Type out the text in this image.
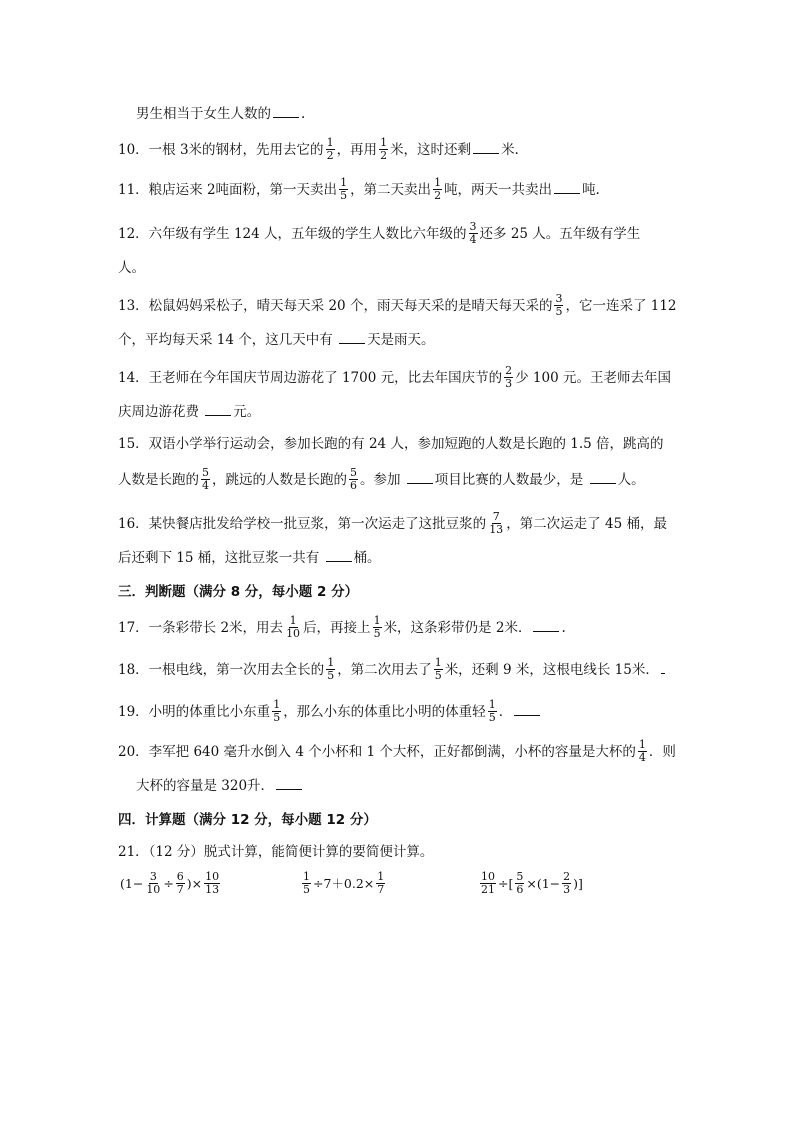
男生相当于女生人数的 .
10．一根 3米的钢材，先用去它的 $\frac{1}{2}$ ，再用 $\frac{1}{2}$ 米，这时还剩 米.
11．粮店运来 2吨面粉，第一天卖出 $\frac{1}{5}$ ，第二天卖出 $\frac{1}{2}$ 吨，两天一共卖出 吨.
12．六年级有学生 124 人，五年级的学生人数比六年级的 $\frac{3}{4}$ 还多 25 人。五年级有学生
人。
13．松鼠妈妈采松子，晴天每天采 20 个，雨天每天采的是晴天每天采的 $\frac{3}{5}$ ，它一连采了 112
个，平均每天采 14 个，这几天中有 天是雨天。
14．王老师在今年国庆节周边游花了 1700 元，比去年国庆节的 $\frac{2}{3}$ 少 100 元。王老师去年国
庆周边游花费 元。
15．双语小学举行运动会，参加长跑的有 24 人，参加短跑的人数是长跑的 1.5 倍，跳高的
人数是长跑的 $\frac{5}{4}$ ，跳远的人数是长跑的 $\frac{5}{6}$ 。参加 项目比赛的人数最少，是 人。
16．某快餐店批发给学校一批豆浆，第一次运走了这批豆浆的 $\frac{7}{13}$ ，第二次运走了 45 桶，最
后还剩下 15 桶，这批豆浆一共有 桶。
三．判断题（满分 8 分，每小题 2 分）
17．一条彩带长 2米，用去 $\frac{1}{10}$ 后，再接上 $\frac{1}{5}$ 米，这条彩带仍是 2米． .
18．一根电线，第一次用去全长的 $\frac{1}{5}$ ，第二次用去了 $\frac{1}{5}$ 米，还剩 9 米，这根电线长 15米．
19．小明的体重比小东重 $\frac{1}{5}$ ，那么小东的体重比小明的体重轻 $\frac{1}{5}$ ．
20．李军把 640 毫升水倒入 4 个小杯和 1 个大杯，正好都倒满，小杯的容量是大杯的 $\frac{1}{4}$ ．则
大杯的容量是 320升．
四．计算题（满分 12 分，每小题 12 分）
21．（12 分）脱式计算，能简便计算的要简便计算。
($1- \frac{3}{10} \div \frac{6}{7}$ )× $\frac{10}{13}$	$\frac{1}{5} \div 7+0.2\times \frac{1}{7}$	$\frac{10}{21}$ ÷[ $\frac{5}{6} \times(1- \frac{2}{3}$ )]
